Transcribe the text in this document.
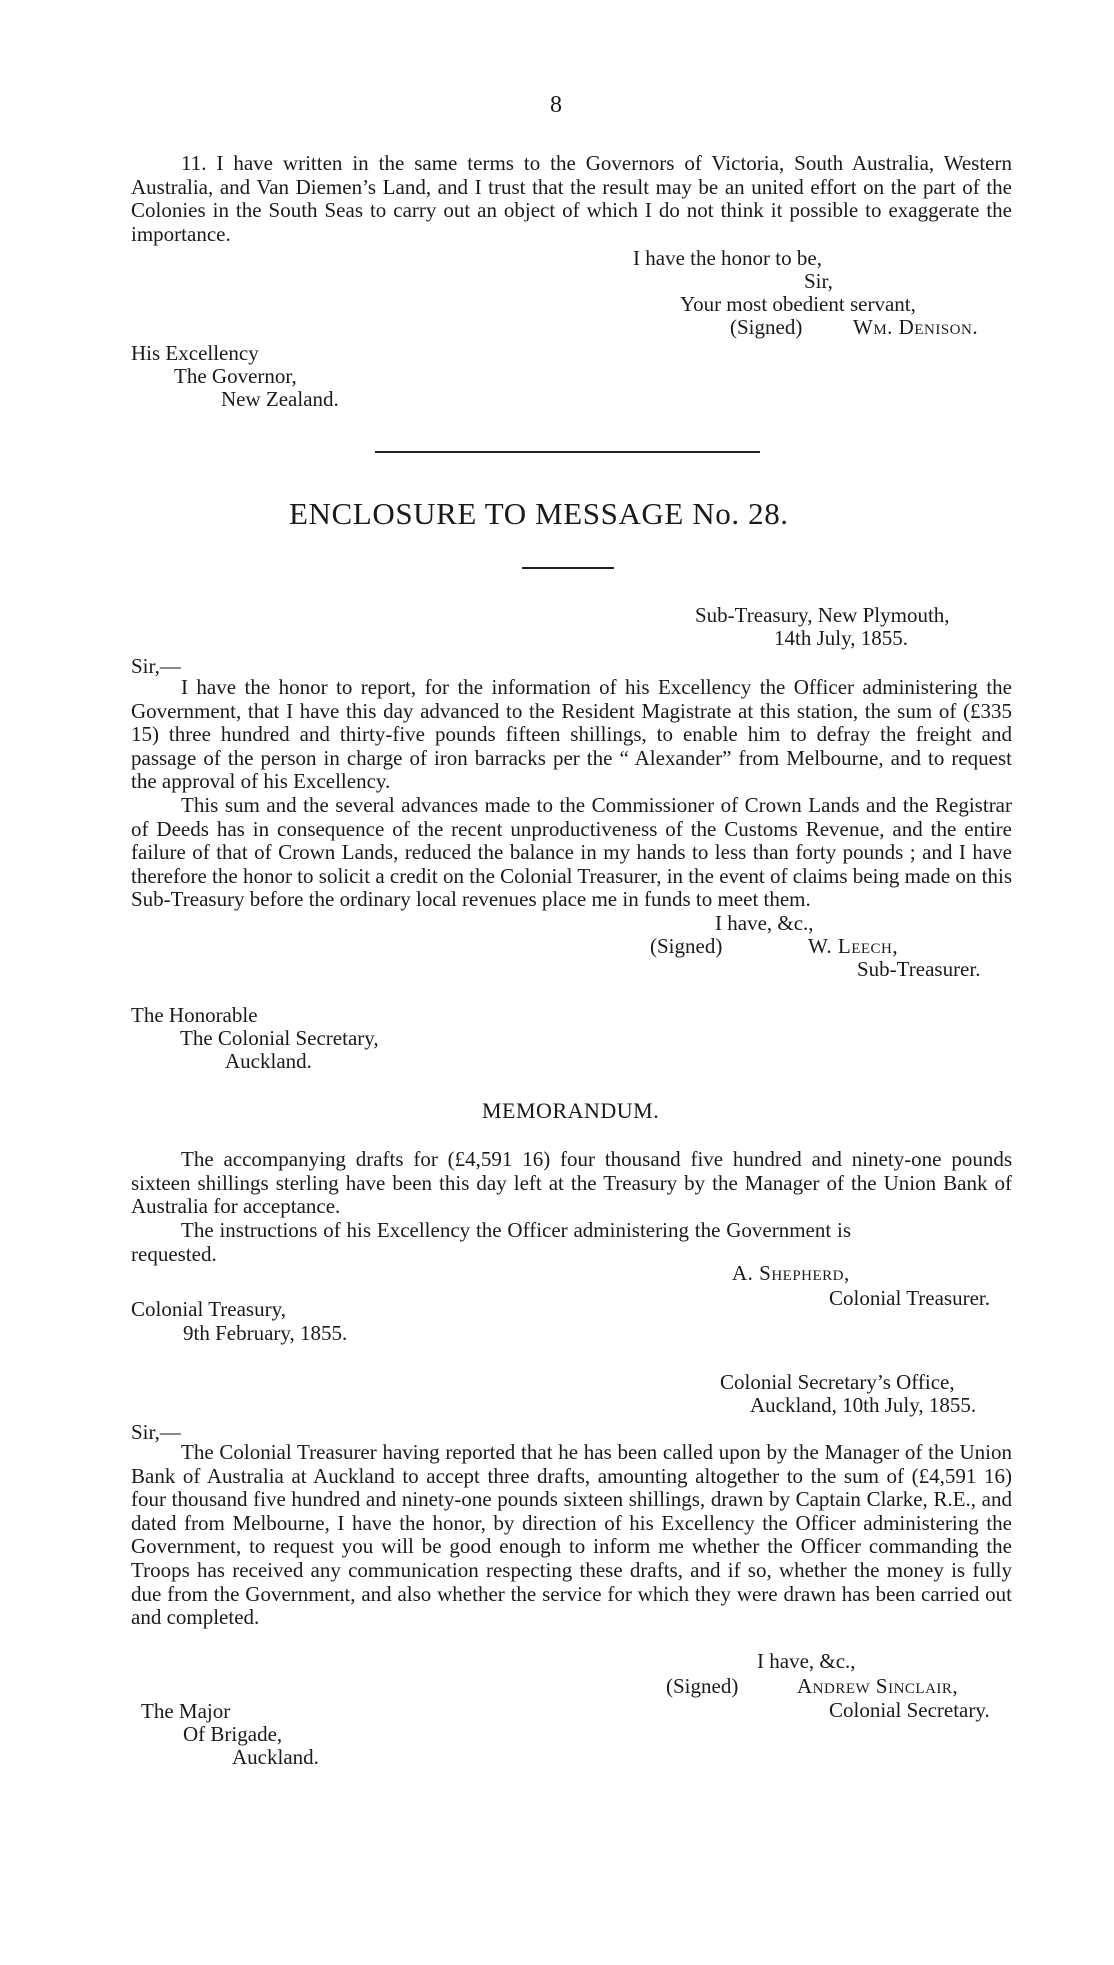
8
11. I have written in the same terms to the Governors of Victoria, South Australia, Western Australia, and Van Diemen’s Land, and I trust that the result may be an united effort on the part of the Colonies in the South Seas to carry out an object of which I do not think it possible to exaggerate the importance.
I have the honor to be,
Sir,
Your most obedient servant,
(Signed) Wm. Denison.
His Excellency
The Governor,
New Zealand.
ENCLOSURE TO MESSAGE No. 28.
Sub-Treasury, New Plymouth,
14th July, 1855.
Sir,—
I have the honor to report, for the information of his Excellency the Officer administering the Government, that I have this day advanced to the Resident Magistrate at this station, the sum of (£335 15) three hundred and thirty-five pounds fifteen shillings, to enable him to defray the freight and passage of the person in charge of iron barracks per the “ Alexander” from Melbourne, and to request the approval of his Excellency.
This sum and the several advances made to the Commissioner of Crown Lands and the Registrar of Deeds has in consequence of the recent unproductiveness of the Customs Revenue, and the entire failure of that of Crown Lands, reduced the balance in my hands to less than forty pounds ; and I have therefore the honor to solicit a credit on the Colonial Treasurer, in the event of claims being made on this Sub-Treasury before the ordinary local revenues place me in funds to meet them.
I have, &c.,
(Signed)	W. Leech,
Sub-Treasurer.
The Honorable
The Colonial Secretary,
Auckland.
MEMORANDUM.
The accompanying drafts for (£4,591 16) four thousand five hundred and ninety-one pounds sixteen shillings sterling have been this day left at the Treasury by the Manager of the Union Bank of Australia for acceptance.
The instructions of his Excellency the Officer administering the Government is requested.
A. Shepherd,
Colonial Treasurer.
Colonial Treasury,
9th February, 1855.
Colonial Secretary’s Office,
Auckland, 10th July, 1855.
Sir,—
The Colonial Treasurer having reported that he has been called upon by the Manager of the Union Bank of Australia at Auckland to accept three drafts, amounting altogether to the sum of (£4,591 16) four thousand five hundred and ninety-one pounds sixteen shillings, drawn by Captain Clarke, R.E., and dated from Melbourne, I have the honor, by direction of his Excellency the Officer administering the Government, to request you will be good enough to inform me whether the Officer commanding the Troops has received any communication respecting these drafts, and if so, whether the money is fully due from the Government, and also whether the service for which they were drawn has been carried out and completed.
I have, &c.,
(Signed)	Andrew Sinclair,
Colonial Secretary.
The Major
Of Brigade,
Auckland.
